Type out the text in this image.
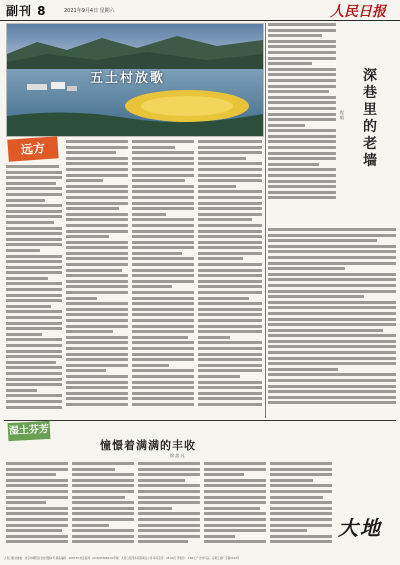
副刊 8	2021年9月4日 星期六	人民日报
五土村放歌
远方
深巷里的老墙
程 韬
湿土芬芳
憧憬着满满的丰收
徐 思 凡
大地
人民日报社地址：北京市朝阳区金台西路2号 邮政编码：100733 电话查询：(010)65368114 印刷：人民日报印务有限责任公司 每月定价：24.00元 零售价：1.50元 广告许可证：京朝工商广字第0123号
